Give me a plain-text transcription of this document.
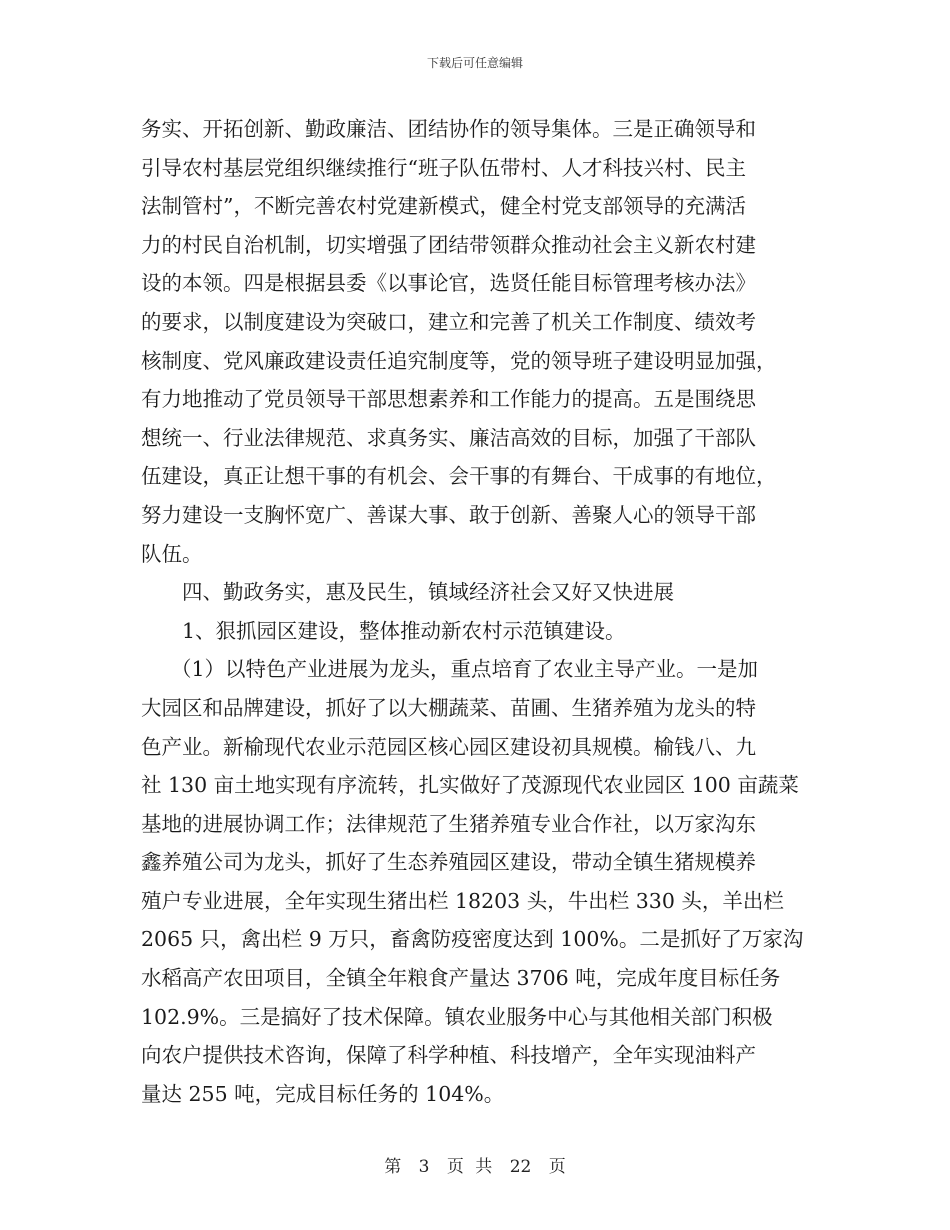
下载后可任意编辑
务实、开拓创新、勤政廉洁、团结协作的领导集体。三是正确领导和
引导农村基层党组织继续推行“班子队伍带村、人才科技兴村、民主
法制管村”，不断完善农村党建新模式，健全村党支部领导的充满活
力的村民自治机制，切实增强了团结带领群众推动社会主义新农村建
设的本领。四是根据县委《以事论官，选贤任能目标管理考核办法》
的要求，以制度建设为突破口，建立和完善了机关工作制度、绩效考
核制度、党风廉政建设责任追究制度等，党的领导班子建设明显加强，
有力地推动了党员领导干部思想素养和工作能力的提高。五是围绕思
想统一、行业法律规范、求真务实、廉洁高效的目标，加强了干部队
伍建设，真正让想干事的有机会、会干事的有舞台、干成事的有地位，
努力建设一支胸怀宽广、善谋大事、敢于创新、善聚人心的领导干部
队伍。
四、勤政务实，惠及民生，镇域经济社会又好又快进展
1、狠抓园区建设，整体推动新农村示范镇建设。
（1）以特色产业进展为龙头，重点培育了农业主导产业。一是加
大园区和品牌建设，抓好了以大棚蔬菜、苗圃、生猪养殖为龙头的特
色产业。新榆现代农业示范园区核心园区建设初具规模。榆钱八、九
社 130 亩土地实现有序流转，扎实做好了茂源现代农业园区 100 亩蔬菜
基地的进展协调工作；法律规范了生猪养殖专业合作社，以万家沟东
鑫养殖公司为龙头，抓好了生态养殖园区建设，带动全镇生猪规模养
殖户专业进展，全年实现生猪出栏 18203 头，牛出栏 330 头，羊出栏
2065 只，禽出栏 9 万只，畜禽防疫密度达到 100%。二是抓好了万家沟
水稻高产农田项目，全镇全年粮食产量达 3706 吨，完成年度目标任务
102.9%。三是搞好了技术保障。镇农业服务中心与其他相关部门积极
向农户提供技术咨询，保障了科学种植、科技增产，全年实现油料产
量达 255 吨，完成目标任务的 104%。
第 3 页 共 22 页
